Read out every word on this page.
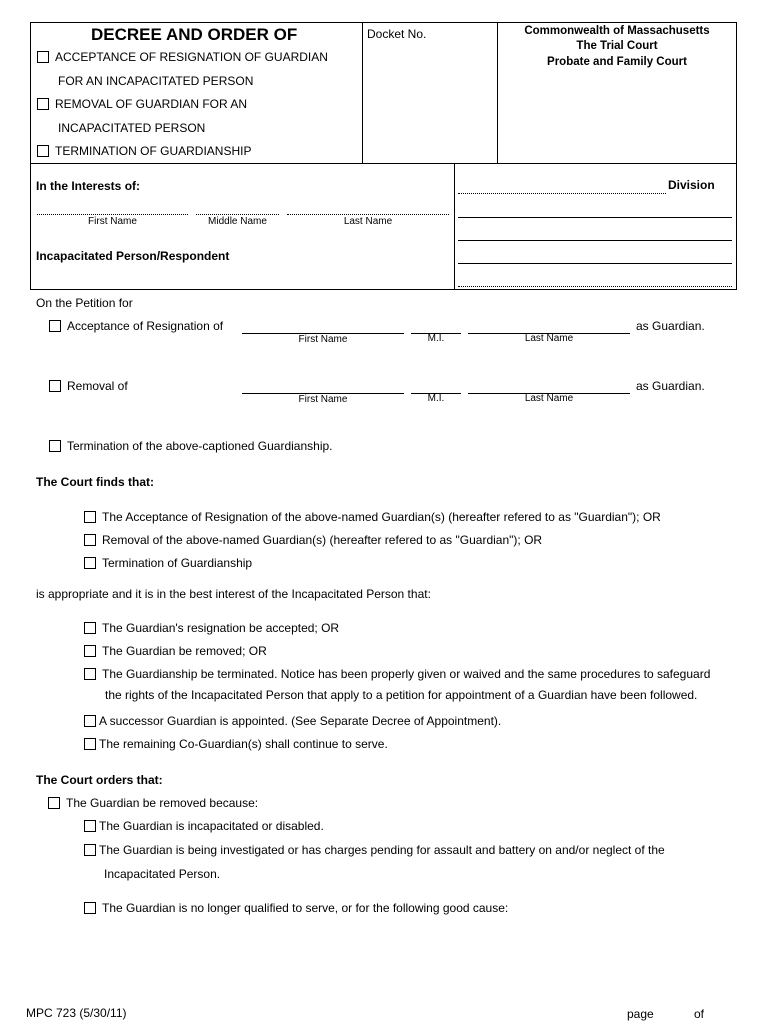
DECREE AND ORDER OF
ACCEPTANCE OF RESIGNATION OF GUARDIAN
FOR AN INCAPACITATED PERSON
REMOVAL OF GUARDIAN FOR AN
INCAPACITATED PERSON
TERMINATION OF GUARDIANSHIP
Docket No.	Commonwealth of Massachusetts
The Trial Court
Probate and Family Court
In the Interests of:
First Name	Middle Name	Last Name
Incapacitated Person/Respondent
Division
On the Petition for
Acceptance of Resignation of
First Name	M.I.	Last Name
as Guardian.
Removal of
First Name	M.I.	Last Name
as Guardian.
Termination of the above-captioned Guardianship.
The Court finds that:
The Acceptance of Resignation of the above-named Guardian(s) (hereafter refered to as "Guardian"); OR
Removal of the above-named Guardian(s) (hereafter refered to as "Guardian"); OR
Termination of Guardianship
is appropriate and it is in the best interest of the Incapacitated Person that:
The Guardian's resignation be accepted; OR
The Guardian be removed; OR
The Guardianship be terminated. Notice has been properly given or waived and the same procedures to safeguard
the rights of the Incapacitated Person that apply to a petition for appointment of a Guardian have been followed.
A successor Guardian is appointed. (See Separate Decree of Appointment).
The remaining Co-Guardian(s) shall continue to serve.
The Court orders that:
The Guardian be removed because:
The Guardian is incapacitated or disabled.
The Guardian is being investigated or has charges pending for assault and battery on and/or neglect of the
Incapacitated Person.
The Guardian is no longer qualified to serve, or for the following good cause:
MPC 723 (5/30/11)	page	of
